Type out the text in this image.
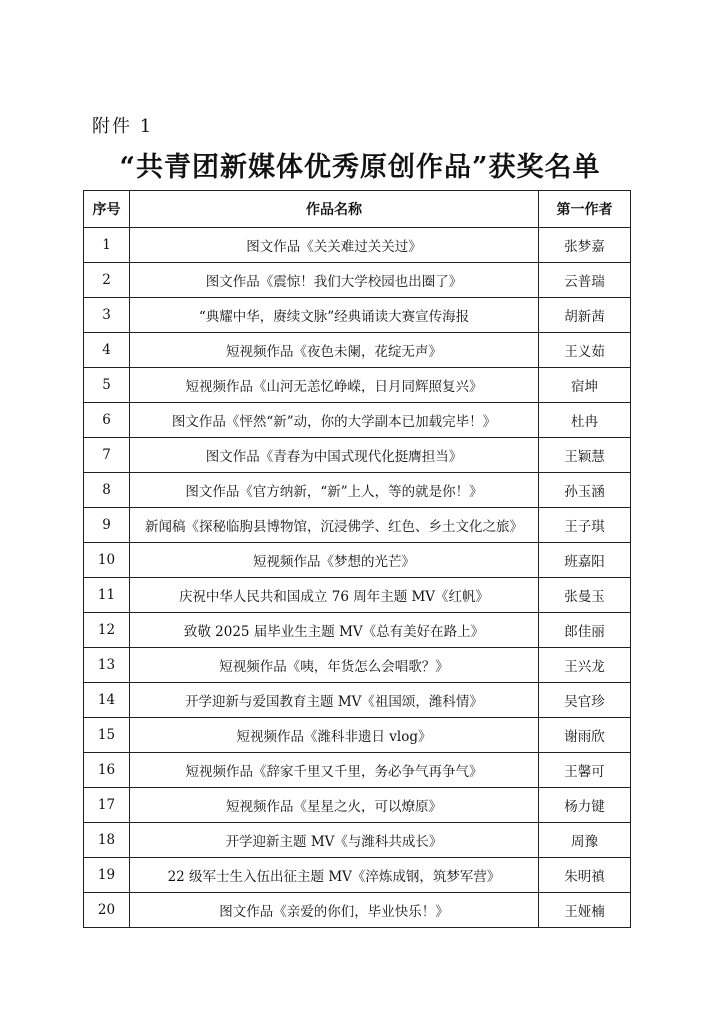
附件 1
“共青团新媒体优秀原创作品”获奖名单
序号	作品名称	第一作者
1	图文作品《关关难过关关过》	张梦嘉
2	图文作品《震惊！我们大学校园也出圈了》	云普瑞
3	“典耀中华，赓续文脉”经典诵读大赛宣传海报	胡新茜
4	短视频作品《夜色未阑，花绽无声》	王义茹
5	短视频作品《山河无恙忆峥嵘，日月同辉照复兴》	宿坤
6	图文作品《怦然“新”动，你的大学副本已加载完毕！》	杜冉
7	图文作品《青春为中国式现代化挺膺担当》	王颖慧
8	图文作品《官方纳新，“新”上人，等的就是你！》	孙玉涵
9	新闻稿《探秘临朐县博物馆，沉浸佛学、红色、乡土文化之旅》	王子琪
10	短视频作品《梦想的光芒》	班嘉阳
11	庆祝中华人民共和国成立 76 周年主题 MV《红帆》	张曼玉
12	致敬 2025 届毕业生主题 MV《总有美好在路上》	郎佳丽
13	短视频作品《咦，年货怎么会唱歌？》	王兴龙
14	开学迎新与爱国教育主题 MV《祖国颂，潍科情》	吴官珍
15	短视频作品《潍科非遗日 vlog》	谢雨欣
16	短视频作品《辞家千里又千里，务必争气再争气》	王馨可
17	短视频作品《星星之火，可以燎原》	杨力键
18	开学迎新主题 MV《与潍科共成长》	周豫
19	22 级军士生入伍出征主题 MV《淬炼成钢，筑梦军营》	朱明禛
20	图文作品《亲爱的你们，毕业快乐！》	王娅楠
